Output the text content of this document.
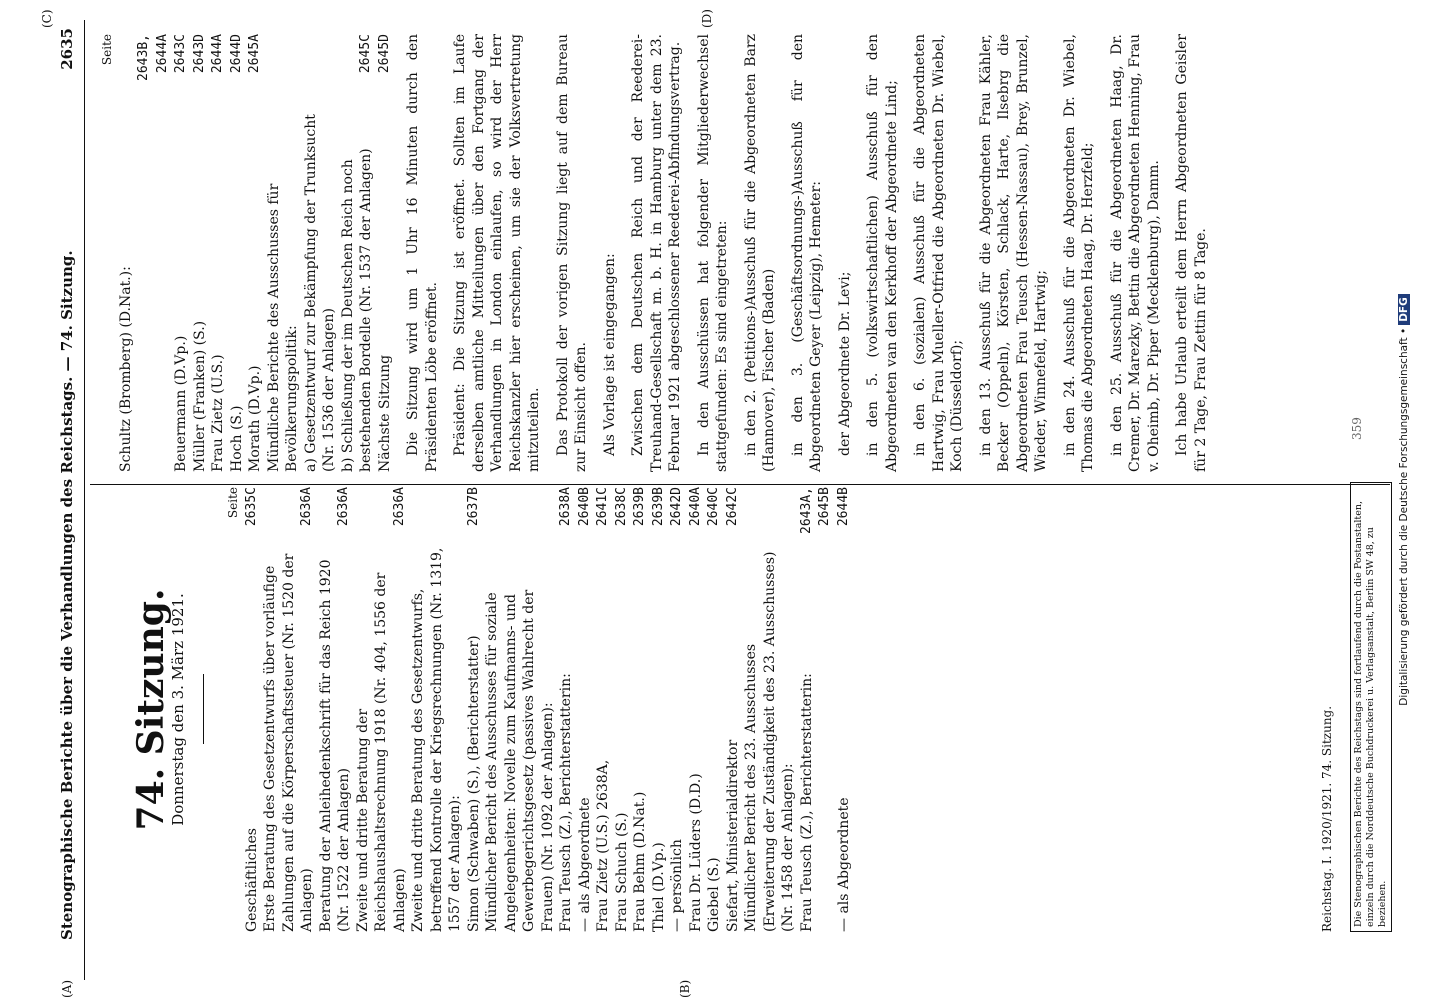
Stenographische Berichte über die Verhandlungen des Reichstags. — 74. Sitzung.
2635
(A)
(C)
(B)
(D)
74. Sitzung.
Donnerstag den 3. März 1921.
Seite
Geschäftliches
2635C
Erste Beratung des Gesetzentwurfs über vorläufige Zahlungen auf die Körperschaftssteuer (Nr. 1520 der Anlagen)
2636A
Beratung der Anleihedenkschrift für das Reich 1920 (Nr. 1522 der Anlagen)
2636A
Zweite und dritte Beratung der Reichshaushaltsrechnung 1918 (Nr. 404, 1556 der Anlagen)
2636A
Zweite und dritte Beratung des Gesetzentwurfs, betreffend Kontrolle der Kriegsrechnungen (Nr. 1319, 1557 der Anlagen): Simon (Schwaben) (S.), (Berichterstatter)
2637B
Mündlicher Bericht des Ausschusses für soziale Angelegenheiten: Novelle zum Kaufmanns- und Gewerbegerichtsgesetz (passives Wahlrecht der Frauen) (Nr. 1092 der Anlagen): Frau Teusch (Z.), Berichterstatterin:
2638A
— als Abgeordnete
2640B
Frau Zietz (U.S.) 2638A,
2641C
Frau Schuch (S.)
2638C
Frau Behm (D.Nat.)
2639B
Thiel (D.Vp.)
2639B
— persönlich
2642D
Frau Dr. Lüders (D.D.)
2640A
Giebel (S.)
2640C
Siefart, Ministerialdirektor
2642C
Mündlicher Bericht des 23. Ausschusses (Erweiterung der Zuständigkeit des 23. Ausschusses) (Nr. 1458 der Anlagen): Frau Teusch (Z.), Berichterstatterin:
2643A, 2645B
— als Abgeordnete
2644B
Seite
Schultz (Bromberg) (D.Nat.):
2643B, 2644A
Beuermann (D.Vp.)
2643C
Müller (Franken) (S.)
2643D
Frau Zietz (U.S.)
2644A
Hoch (S.)
2644D
Morath (D.Vp.)
2645A
Mündliche Berichte des Ausschusses für Bevölkerungspolitik: a) Gesetzentwurf zur Bekämpfung der Trunksucht (Nr. 1536 der Anlagen) b) Schließung der im Deutschen Reich noch bestehenden Bordelle (Nr. 1537 der Anlagen)
2645C
Nächste Sitzung
2645D Die Sitzung wird um 1 Uhr 16 Minuten durch den Präsidenten Löbe eröffnet. Präsident: Die Sitzung ist eröffnet. Sollten im Laufe derselben amtliche Mitteilungen über den Fortgang der Verhandlungen in London einlaufen, so wird der Herr Reichskanzler hier erscheinen, um sie der Volksvertretung mitzuteilen. Das Protokoll der vorigen Sitzung liegt auf dem Bureau zur Einsicht offen. Als Vorlage ist eingegangen: Zwischen dem Deutschen Reich und der Reederei-Treuhand-Gesellschaft m. b. H. in Hamburg unter dem 23. Februar 1921 abgeschlossener Reederei-Abfindungsvertrag. In den Ausschüssen hat folgender Mitgliederwechsel stattgefunden: Es sind eingetreten: in den 2. (Petitions-)Ausschuß für die Abgeordneten Barz (Hannover), Fischer (Baden) in den 3. (Geschäftsordnungs-)Ausschuß für den Abgeordneten Geyer (Leipzig), Hemeter: der Abgeordnete Dr. Levi; in den 5. (volkswirtschaftlichen) Ausschuß für den Abgeordneten van den Kerkhoff der Abgeordnete Lind; in den 6. (sozialen) Ausschuß für die Abgeordneten Hartwig, Frau Mueller-Otfried die Abgeordneten Dr. Wiebel, Koch (Düsseldorf); in den 13. Ausschuß für die Abgeordneten Frau Kähler, Becker (Oppeln), Körsten, Schlack, Harte, Ilsebrg die Abgeordneten Frau Teusch (Hessen-Nassau), Brey, Brunzel, Wieder, Winnefeld, Hartwig; in den 24. Ausschuß für die Abgeordneten Dr. Wiebel, Thomas die Abgeordneten Haag, Dr. Herzfeld; in den 25. Ausschuß für die Abgeordneten Haag, Dr. Cremer, Dr. Marezky, Bettin die Abgeordneten Henning, Frau v. Oheimb, Dr. Piper (Mecklenburg), Damm. Ich habe Urlaub erteilt dem Herrn Abgeordneten Geisler für 2 Tage, Frau Zettin für 8 Tage.
Reichstag. I. 1920/1921. 74. Sitzung.	Die Stenographischen Berichte des Reichstags sind fortlaufend durch die Postanstalten, einzeln durch die Norddeutsche Buchdruckerei u. Verlagsanstalt, Berlin SW 48, zu beziehen.
359	Digitalisierung gefördert durch die Deutsche Forschungsgemeinschaft •DFG
